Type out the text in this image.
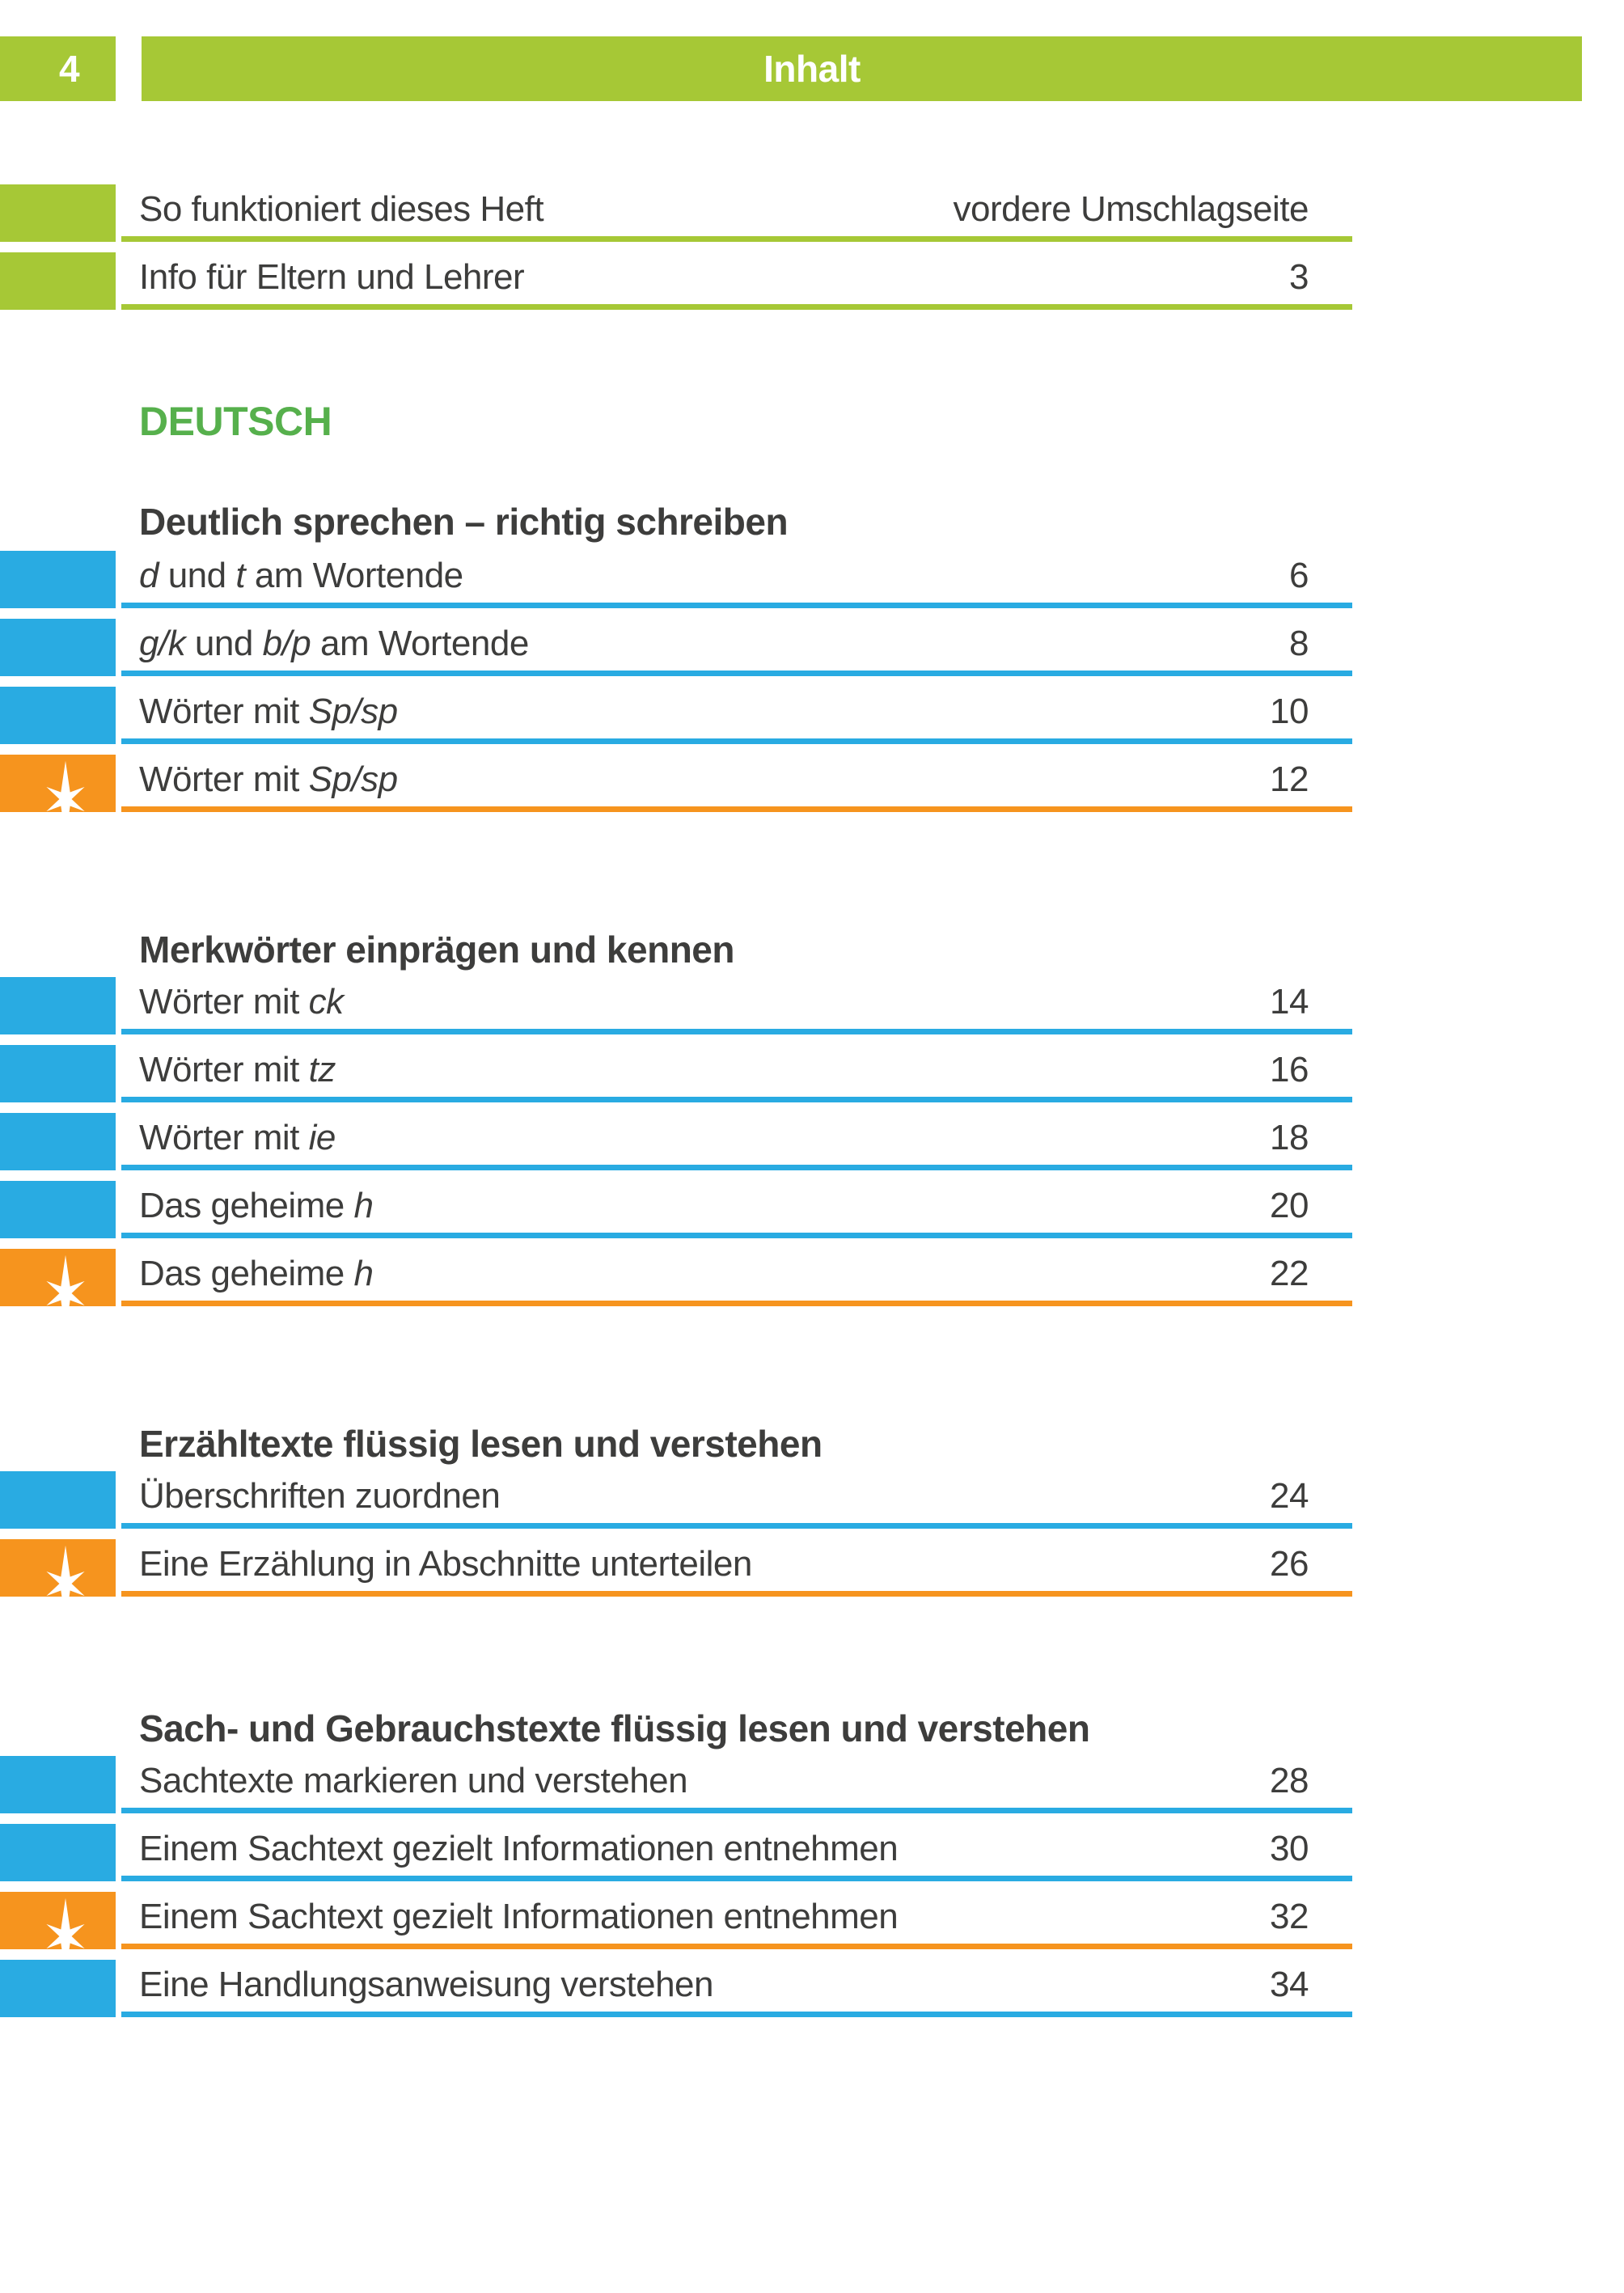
4	Inhalt
DEUTSCH
So funktioniert dieses Heft	vordere Umschlagseite
Info für Eltern und Lehrer	3
Deutlich sprechen – richtig schreiben
d und t am Wortende	6
g/k und b/p am Wortende	8
Wörter mit Sp/sp	10
Wörter mit Sp/sp	12
Merkwörter einprägen und kennen
Wörter mit ck	14
Wörter mit tz	16
Wörter mit ie	18
Das geheime h	20
Das geheime h	22
Erzähltexte flüssig lesen und verstehen
Überschriften zuordnen	24
Eine Erzählung in Abschnitte unterteilen	26
Sach- und Gebrauchstexte flüssig lesen und verstehen
Sachtexte markieren und verstehen	28
Einem Sachtext gezielt Informationen entnehmen	30
Einem Sachtext gezielt Informationen entnehmen	32
Eine Handlungsanweisung verstehen	34
